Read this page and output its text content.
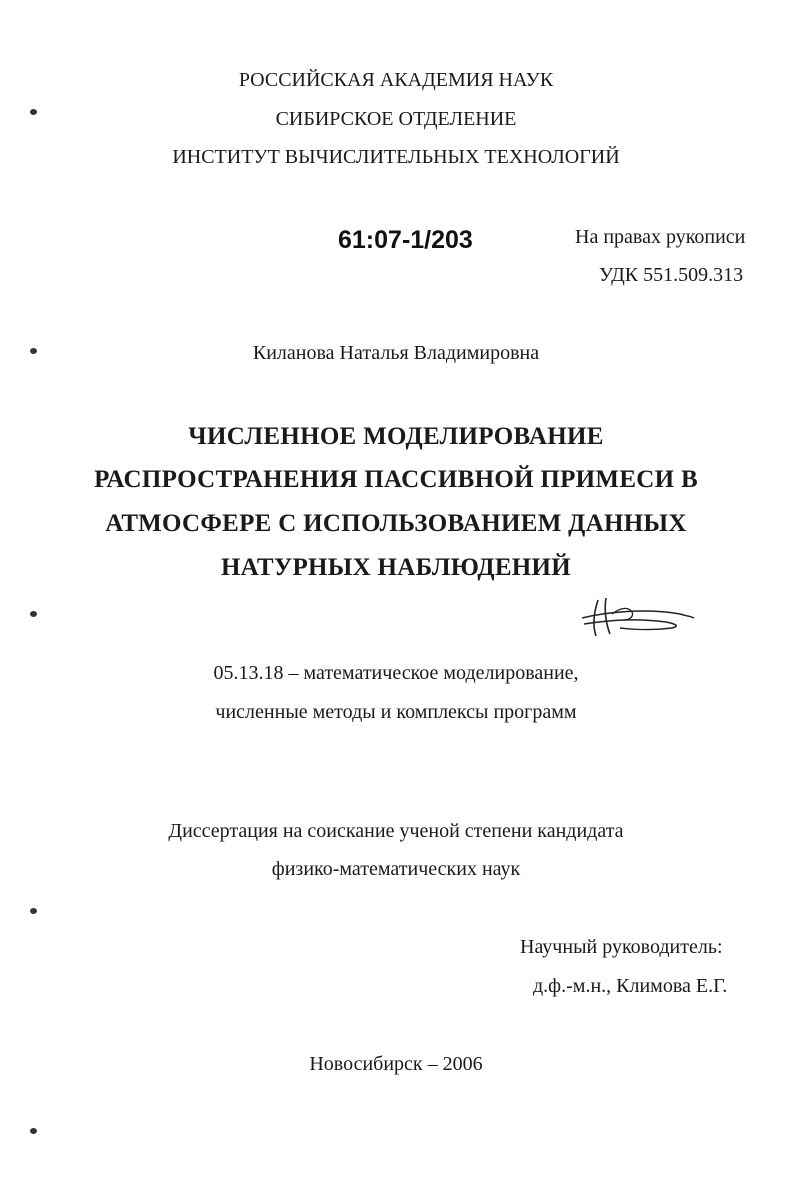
РОССИЙСКАЯ АКАДЕМИЯ НАУК
СИБИРСКОЕ ОТДЕЛЕНИЕ
ИНСТИТУТ ВЫЧИСЛИТЕЛЬНЫХ ТЕХНОЛОГИЙ
61:07-1/203	На правах рукописи
УДК 551.509.313
Киланова Наталья Владимировна
ЧИСЛЕННОЕ МОДЕЛИРОВАНИЕ
РАСПРОСТРАНЕНИЯ ПАССИВНОЙ ПРИМЕСИ В
АТМОСФЕРЕ С ИСПОЛЬЗОВАНИЕМ ДАННЫХ
НАТУРНЫХ НАБЛЮДЕНИЙ
05.13.18 – математическое моделирование,
численные методы и комплексы программ
Диссертация на соискание ученой степени кандидата
физико-математических наук
Научный руководитель:
д.ф.-м.н., Климова Е.Г.
Новосибирск – 2006
